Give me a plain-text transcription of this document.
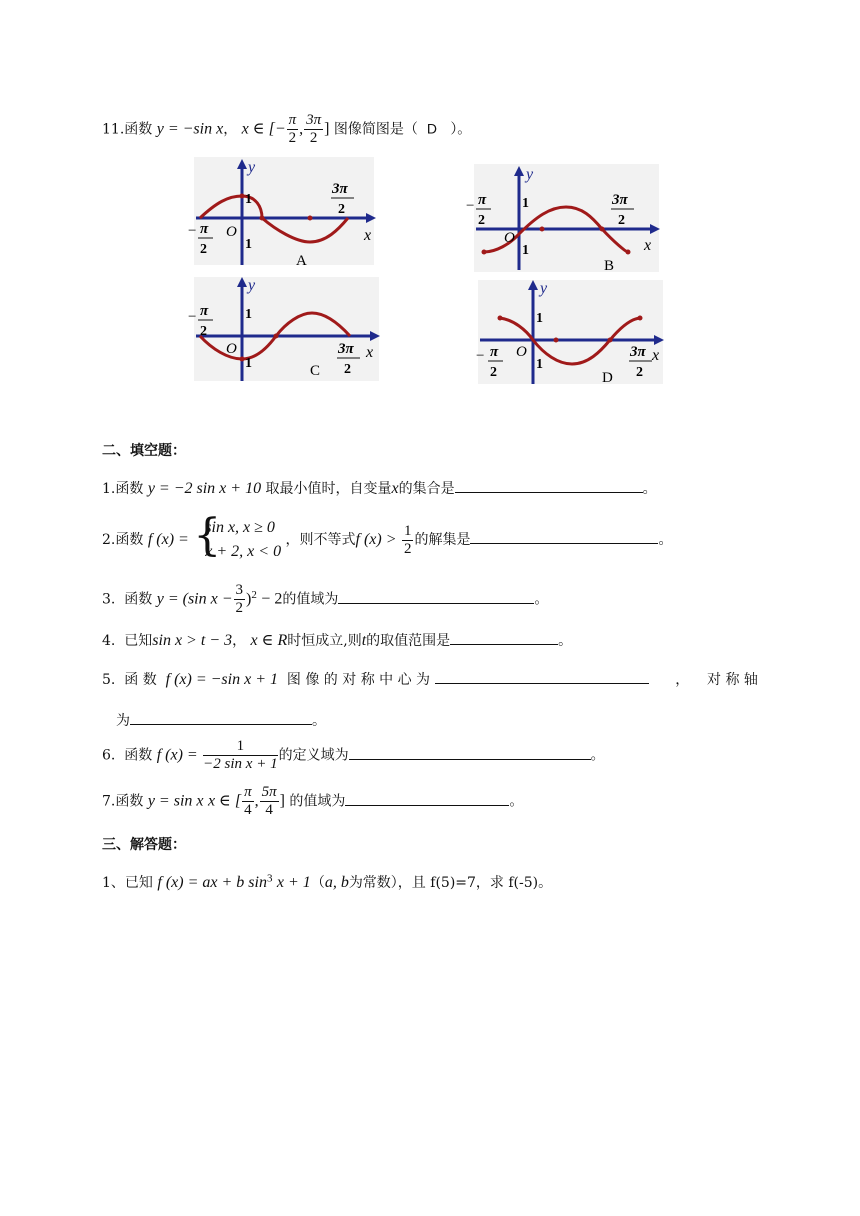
11.函数 y = −sin x， x ∈ [− $\frac{\pi}{2}$ , $\frac{3\pi}{2}$ ] 图像简图是（ D ）。
y
1
1
O	x
− π
2
3π
2
A
y
1
1
O	x
− π
2
3π
2
B
y
1
1
O	x
− π
2
3π
2
C
y
1
1
O	x
− π
2
3π
2
D
二、填空题：
1.函数 y = −2 sin x + 10 取最小值时，自变量x的集合是	。
2.函数 f (x) = {
sin x, x ≥ 0
x + 2, x < 0
，则不等式f $(x) > \frac{1}{2}$ 的解集是	。
3. 函数 y = (sin $x - \frac{3}{2} )^2 - 2$的值域为	。
4. 已知sin x > t − 3， x ∈ R时恒成立,则t的取值范围是	。
5. 函 数 f (x) = −sin x + 1 图 像 的 对 称 中 心 为	， 对 称 轴
为	。
6. 函数 f $(x) = \frac{1}{\text{−2 sin x + 1}}$ 的定义域为	。
7.函数 y = sin x x ∈ [ $\frac{\pi}{4}$ , $\frac{5\pi}{4}$ ] 的值域为	。
三、解答题：
1、已知 f (x) = ax + b $\sin^3 x + 1(a$, b为常数），且 f(5)=7，求 f(-5)。
